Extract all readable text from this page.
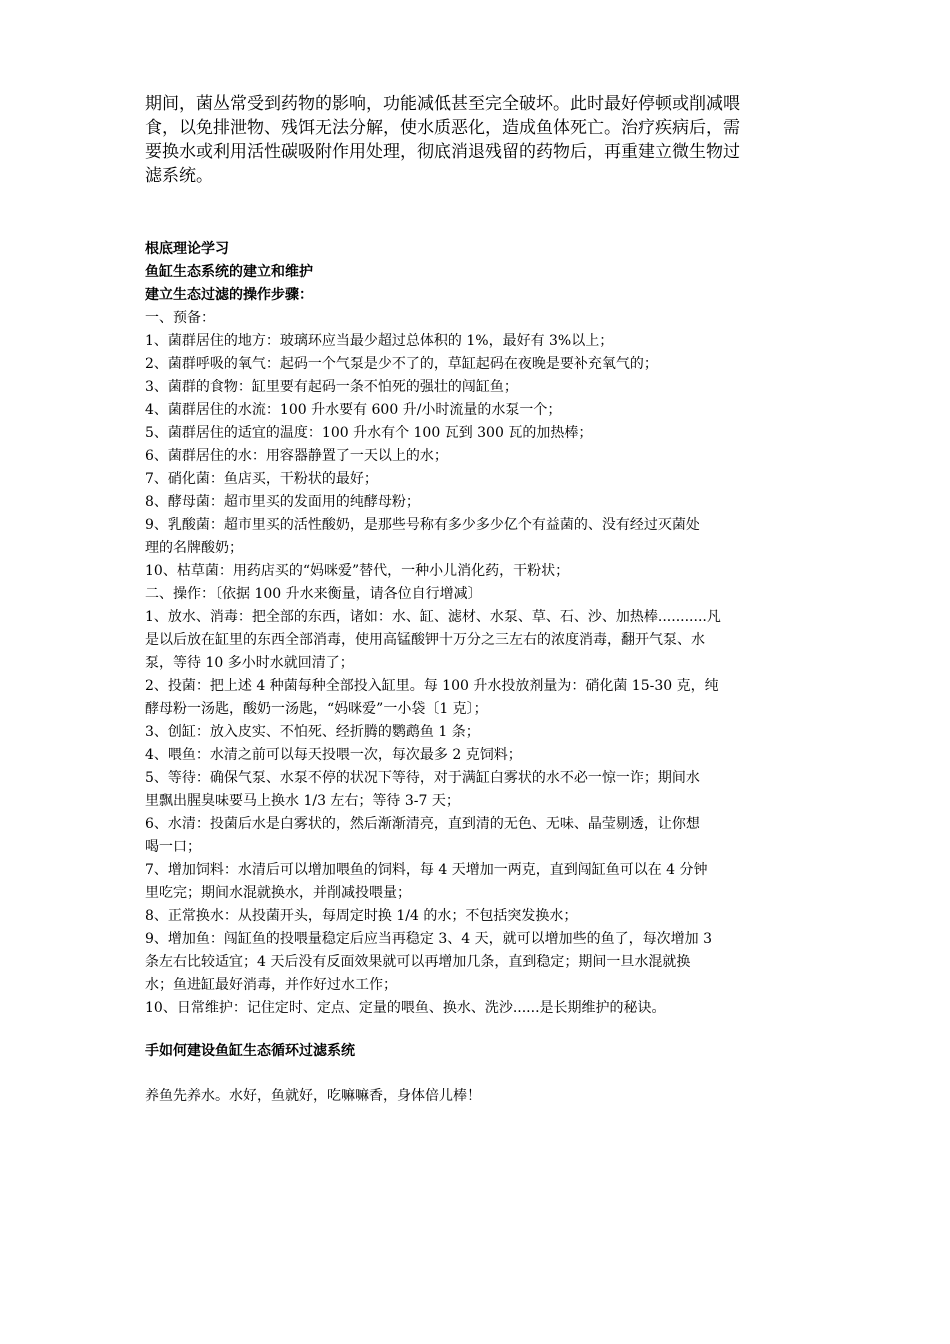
期间，菌丛常受到药物的影响，功能减低甚至完全破坏。此时最好停顿或削减喂

食，以免排泄物、残饵无法分解，使水质恶化，造成鱼体死亡。治疗疾病后，需

要换水或利用活性碳吸附作用处理，彻底消退残留的药物后，再重建立微生物过

滤系统。

根底理论学习
鱼缸生态系统的建立和维护
建立生态过滤的操作步骤：
一、预备：
1、菌群居住的地方：玻璃环应当最少超过总体积的 1%，最好有 3%以上；
2、菌群呼吸的氧气：起码一个气泵是少不了的，草缸起码在夜晚是要补充氧气的；
3、菌群的食物：缸里要有起码一条不怕死的强壮的闯缸鱼；
4、菌群居住的水流：100 升水要有 600 升/小时流量的水泵一个；
5、菌群居住的适宜的温度：100 升水有个 100 瓦到 300 瓦的加热棒；
6、菌群居住的水：用容器静置了一天以上的水；
7、硝化菌：鱼店买，干粉状的最好；
8、酵母菌：超市里买的发面用的纯酵母粉；
9、乳酸菌：超市里买的活性酸奶，是那些号称有多少多少亿个有益菌的、没有经过灭菌处
理的名牌酸奶；
10、枯草菌：用药店买的“妈咪爱”替代，一种小儿消化药，干粉状；
二、操作：〔依据 100 升水来衡量，请各位自行增减〕
1、放水、消毒：把全部的东西，诸如：水、缸、滤材、水泵、草、石、沙、加热棒...........凡
是以后放在缸里的东西全部消毒，使用高锰酸钾十万分之三左右的浓度消毒，翻开气泵、水
泵，等待 10 多小时水就回清了；
2、投菌：把上述 4 种菌每种全部投入缸里。每 100 升水投放剂量为：硝化菌 15-30 克，纯
酵母粉一汤匙，酸奶一汤匙，“妈咪爱”一小袋〔1 克〕；
3、创缸：放入皮实、不怕死、经折腾的鹦鹉鱼 1 条；
4、喂鱼：水清之前可以每天投喂一次，每次最多 2 克饲料；
5、等待：确保气泵、水泵不停的状况下等待，对于满缸白雾状的水不必一惊一诈；期间水
里飘出腥臭味要马上换水 1/3 左右；等待 3-7 天；
6、水清：投菌后水是白雾状的，然后渐渐清亮，直到清的无色、无味、晶莹剔透，让你想
喝一口；
7、增加饲料：水清后可以增加喂鱼的饲料，每 4 天增加一两克，直到闯缸鱼可以在 4 分钟
里吃完；期间水混就换水，并削减投喂量；
8、正常换水：从投菌开头，每周定时换 1/4 的水；不包括突发换水；
9、增加鱼：闯缸鱼的投喂量稳定后应当再稳定 3、4 天，就可以增加些的鱼了，每次增加 3
条左右比较适宜；4 天后没有反面效果就可以再增加几条，直到稳定；期间一旦水混就换
水；鱼进缸最好消毒，并作好过水工作；
10、日常维护：记住定时、定点、定量的喂鱼、换水、洗沙......是长期维护的秘诀。
手如何建设鱼缸生态循环过滤系统
养鱼先养水。水好，鱼就好，吃嘛嘛香，身体倍儿棒！
